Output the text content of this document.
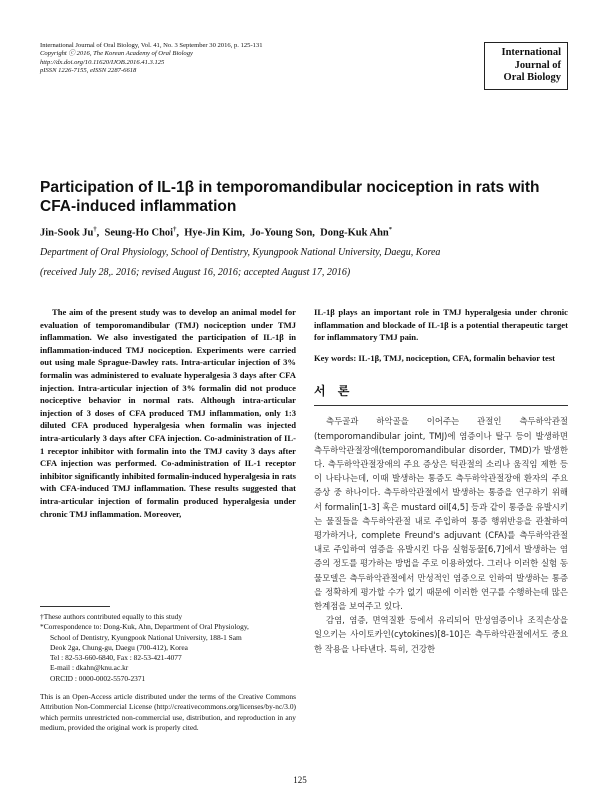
International Journal of Oral Biology, Vol. 41, No. 3 September 30 2016, p. 125-131
Copyright ⓒ 2016, The Korean Academy of Oral Biology
http://dx.doi.org/10.11620/IJOB.2016.41.3.125
pISSN 1226-7155, eISSN 2287-6618
International
Journal of
Oral Biology
Participation of IL-1β in temporomandibular nociception in rats with CFA-induced inflammation
Jin-Sook Ju†,  Seung-Ho Choi†,  Hye-Jin Kim,  Jo-Young Son,  Dong-Kuk Ahn*
Department of Oral Physiology, School of Dentistry, Kyungpook National University, Daegu, Korea
(received July 28,. 2016; revised August 16, 2016; accepted August 17, 2016)
The aim of the present study was to develop an animal model for evaluation of temporomandibular (TMJ) nociception under TMJ inflammation. We also investigated the participation of IL-1β in inflammation-induced TMJ nociception. Experiments were carried out using male Sprague-Dawley rats. Intra-articular injection of 3% formalin was administered to evaluate hyperalgesia 3 days after CFA injection. Intra-articular injection of 3% formalin did not produce nociceptive behavior in normal rats. Although intra-articular injection of 3 doses of CFA produced TMJ inflammation, only 1:3 diluted CFA produced hyperalgesia when formalin was injected intra-articularly 3 days after CFA injection. Co-administration of IL-1 receptor inhibitor with formalin into the TMJ cavity 3 days after CFA injection was performed. Co-administration of IL-1 receptor inhibitor significantly inhibited formalin-induced hyperalgesia in rats with CFA-induced TMJ inflammation. These results suggested that intra-articular injection of formalin produced hyperalgesia under chronic TMJ inflammation. Moreover,
IL-1β plays an important role in TMJ hyperalgesia under chronic inflammation and blockade of IL-1β is a potential therapeutic target for inflammatory TMJ pain.
Key words: IL-1β, TMJ, nociception, CFA, formalin behavior test
서 론

측두골과 하악골을 이어주는 관절인 측두하악관절(temporomandibular joint, TMJ)에 염증이나 탈구 등이 발생하면 측두하악관절장애(temporomandibular disorder, TMD)가 발생한다. 측두하악관절장애의 주요 증상은 턱관절의 소리나 움직임 제한 등이 나타나는데, 이때 발생하는 통증도 측두하악관절장애 환자의 주요 증상 중 하나이다. 측두하악관절에서 발생하는 통증을 연구하기 위해서 formalin[1-3] 혹은 mustard oil[4,5] 등과 같이 통증을 유발시키는 물질들을 측두하악관절 내로 주입하여 통증 행위반응을 관찰하여 평가하거나, complete Freund's adjuvant (CFA)를 측두하악관절 내로 주입하여 염증을 유발시킨 다음 실험동물[6,7]에서 발생하는 염증의 정도를 평가하는 방법을 주로 이용하였다. 그러나 이러한 실험 동물모델은 측두하악관절에서 만성적인 염증으로 인하여 발생하는 통증을 정확하게 평가할 수가 없기 때문에 이러한 연구를 수행하는데 많은 한계점을 보여주고 있다.

감염, 염증, 면역질환 등에서 유리되어 만성염증이나 조직손상을 일으키는 사이토카인(cytokines)[8-10]은 측두하악관절에서도 중요한 작용을 나타낸다. 특히, 건강한

†These authors contributed equally to this study

*Correspondence to: Dong-Kuk, Ahn, Department of Oral Physiology,

School of Dentistry, Kyungpook National University, 188-1 Sam

Deok 2ga, Chung-gu, Daegu (700-412), Korea

Tel : 82-53-660-6840, Fax : 82-53-421-4077

E-mail : dkahn@knu.ac.kr

ORCID : 0000-0002-5570-2371

This is an Open-Access article distributed under the terms of the Creative Commons Attribution Non-Commercial License (http://creativecommons.org/licenses/by-nc/3.0) which permits unrestricted non-commercial use, distribution, and reproduction in any medium, provided the original work is properly cited.

125
